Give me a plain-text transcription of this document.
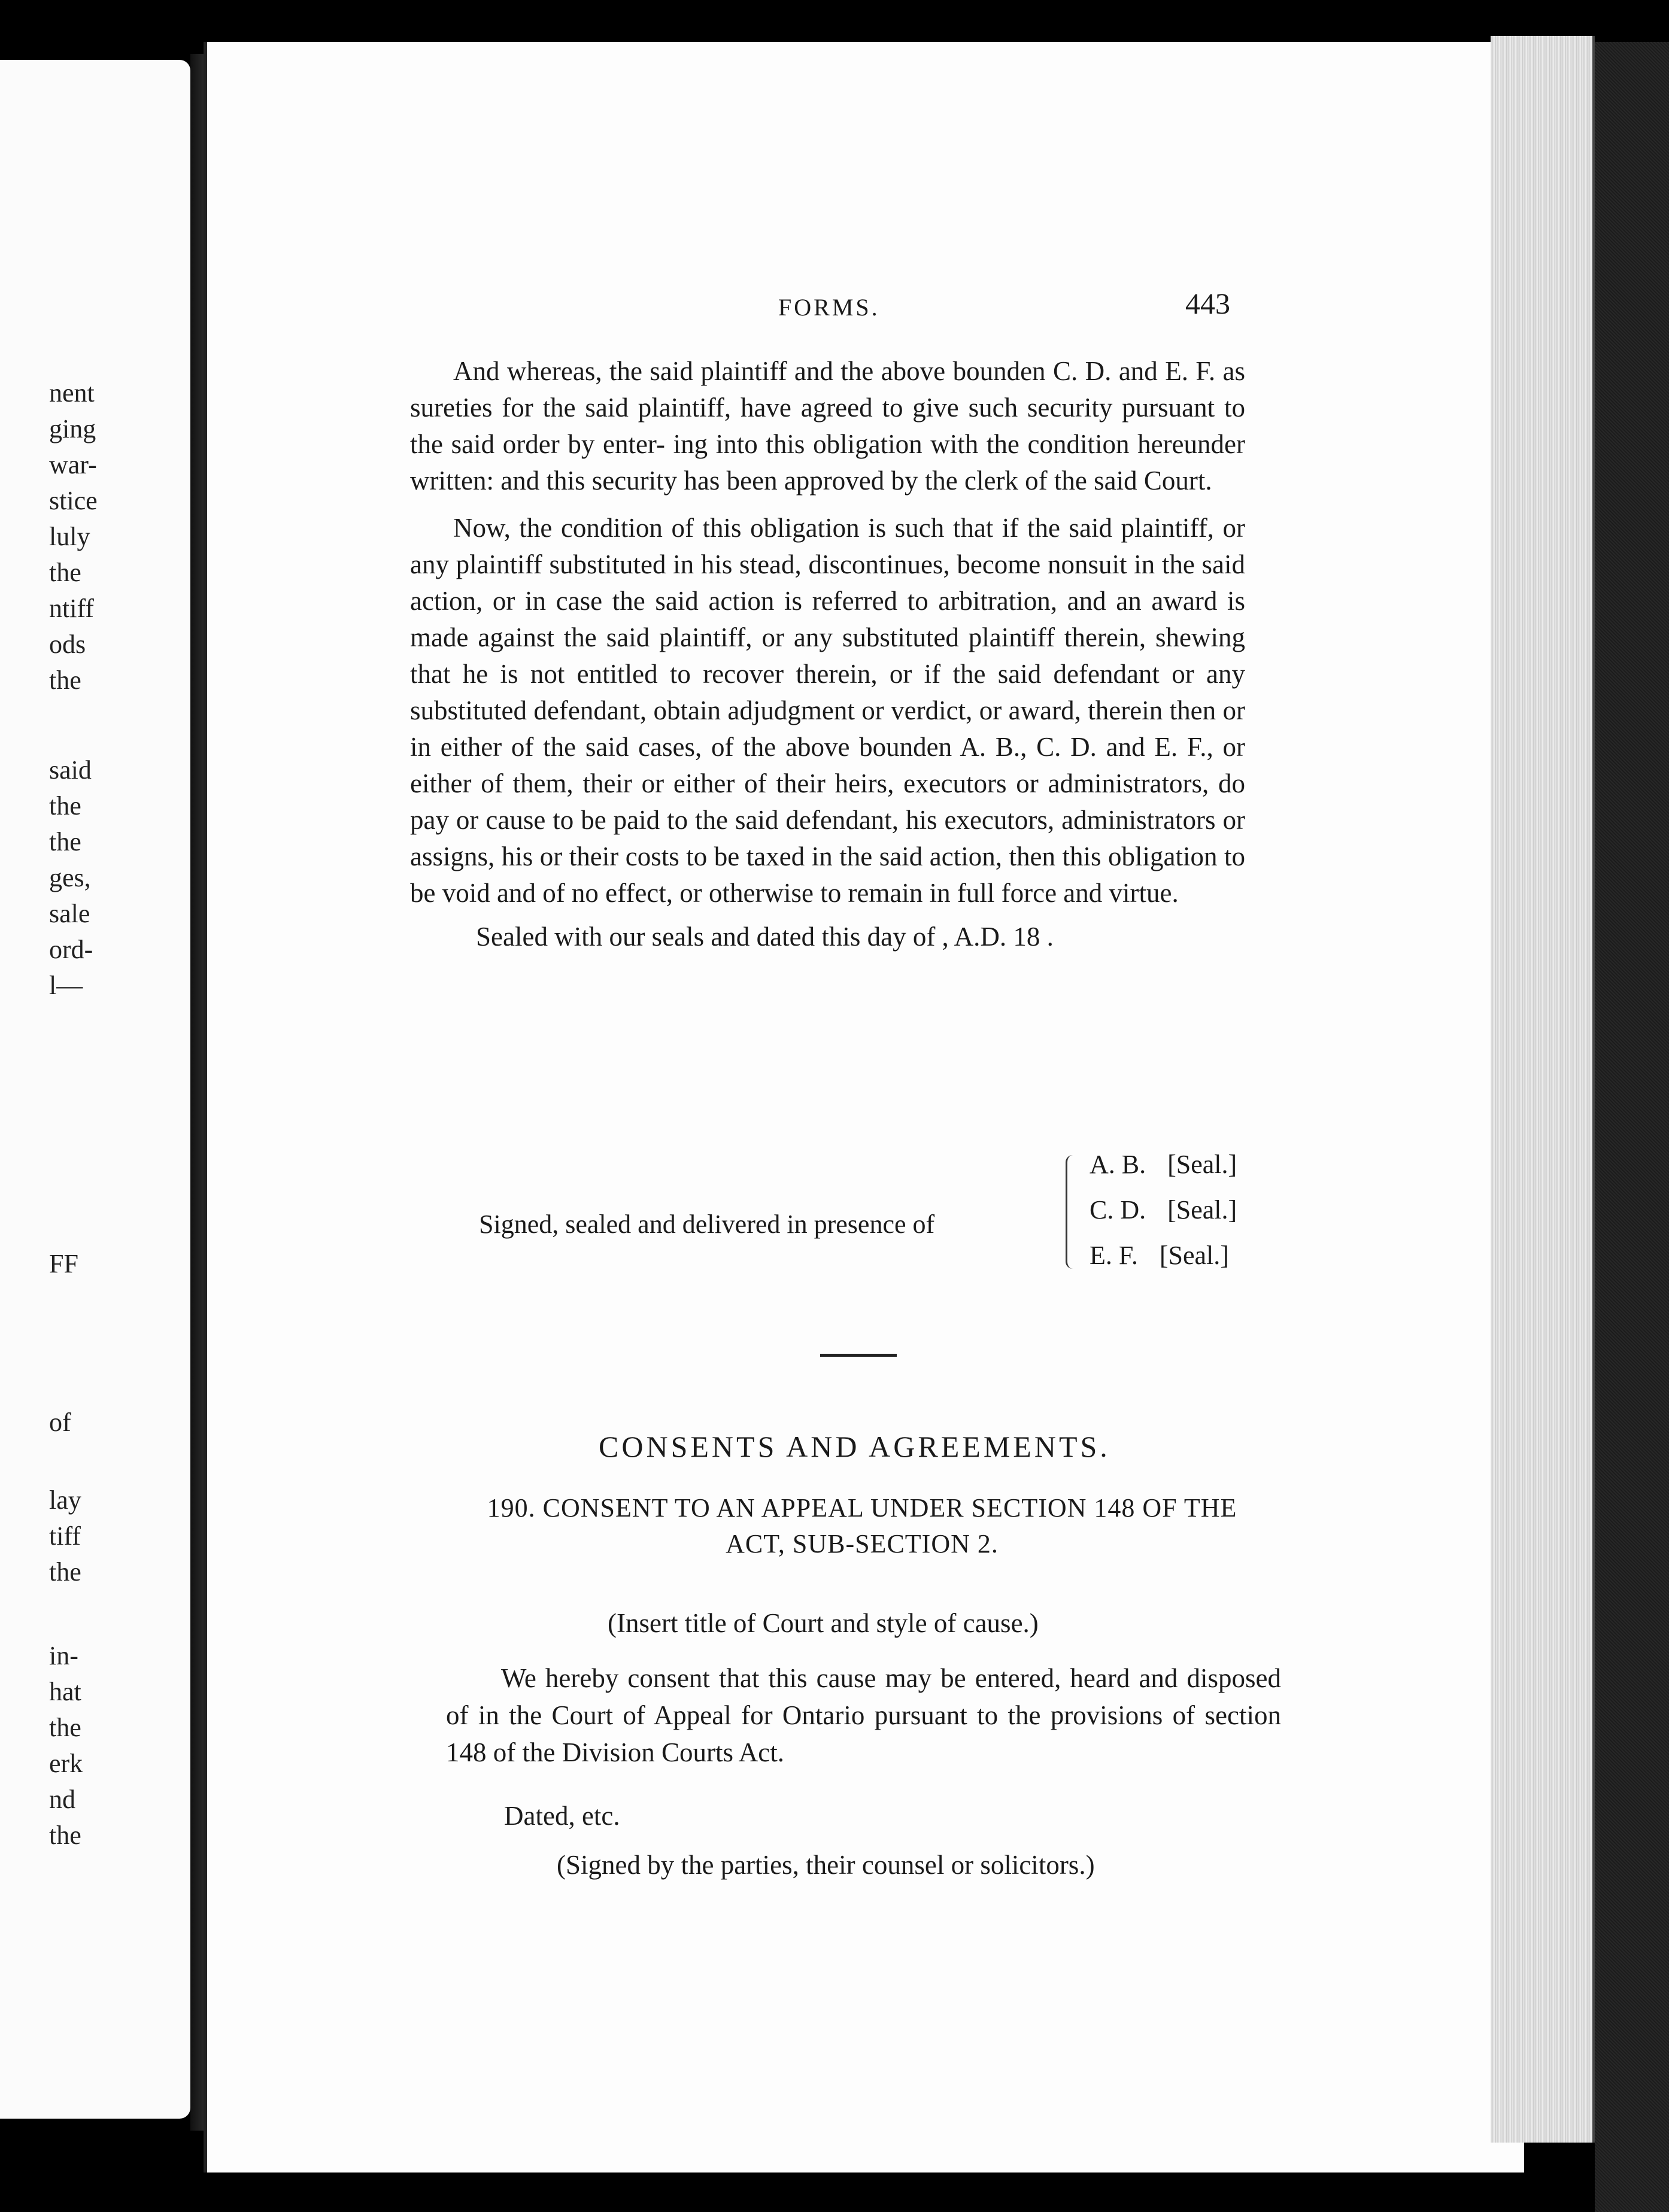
nent
ging
war-
stice
luly
the
ntiff
ods
the
said
the
the
ges,
sale
ord-
l—
FF
of
lay
tiff
the
in-
hat
the
erk
nd
the
FORMS.	443

And whereas, the said plaintiff and the above bounden C. D. and E. F. as sureties for the said plaintiff, have agreed to give such security pursuant to the said order by enter- ing into this obligation with the condition hereunder written: and this security has been approved by the clerk of the said Court.

Now, the condition of this obligation is such that if the said plaintiff, or any plaintiff substituted in his stead, discontinues, become nonsuit in the said action, or in case the said action is referred to arbitration, and an award is made against the said plaintiff, or any substituted plaintiff therein, shewing that he is not entitled to recover therein, or if the said defendant or any substituted defendant, obtain adjudgment or verdict, or award, therein then or in either of the said cases, of the above bounden A. B., C. D. and E. F., or either of them, their or either of their heirs, executors or administrators, do pay or cause to be paid to the said defendant, his executors, administrators or assigns, his or their costs to be taxed in the said action, then this obligation to be void and of no effect, or otherwise to remain in full force and virtue.

Sealed with our seals and dated this day of , A.D. 18 .

Signed, sealed and delivered in presence of
A. B. [Seal.]
C. D. [Seal.]
E. F. [Seal.]
CONSENTS AND AGREEMENTS.
190. CONSENT TO AN APPEAL UNDER SECTION 148 OF THE ACT, SUB-SECTION 2.
(Insert title of Court and style of cause.)

We hereby consent that this cause may be entered, heard and disposed of in the Court of Appeal for Ontario pursuant to the provisions of section 148 of the Division Courts Act.

Dated, etc.
(Signed by the parties, their counsel or solicitors.)
